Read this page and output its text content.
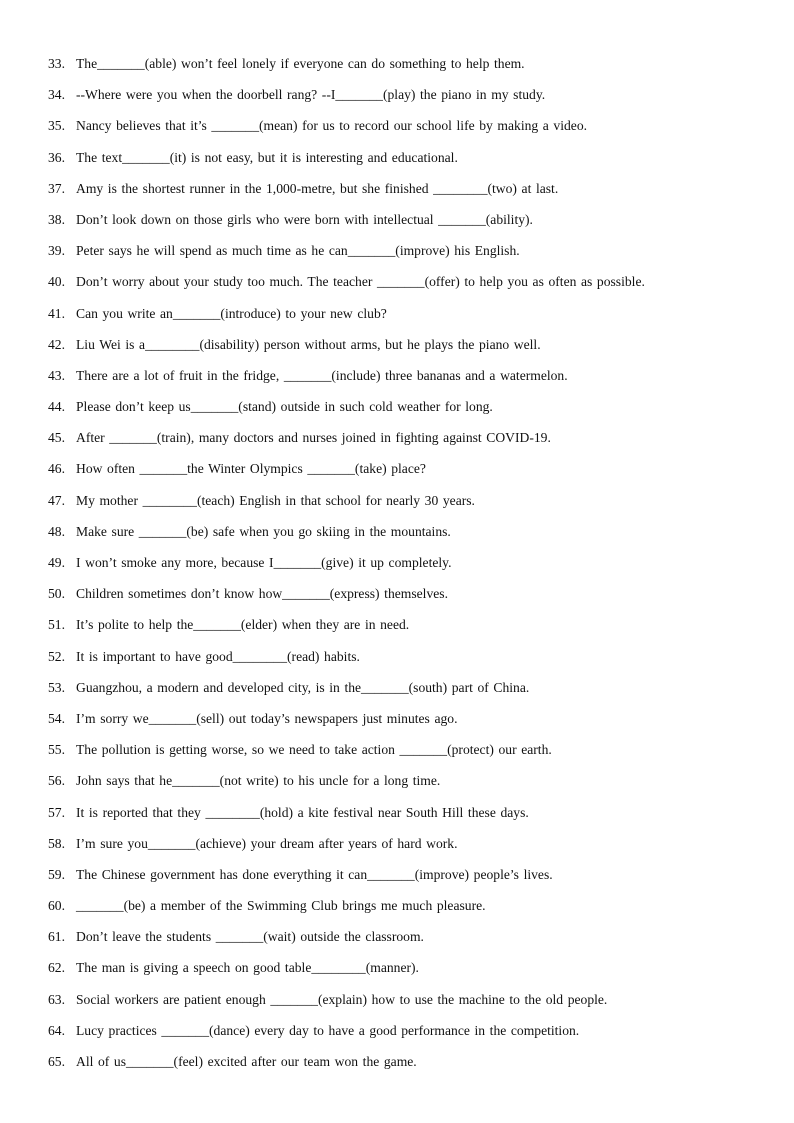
33. The_______(able) won’t feel lonely if everyone can do something to help them.
34. --Where were you when the doorbell rang? --I_______(play) the piano in my study.
35. Nancy believes that it’s _______(mean) for us to record our school life by making a video.
36. The text_______(it) is not easy, but it is interesting and educational.
37. Amy is the shortest runner in the 1,000-metre, but she finished ________(two) at last.
38. Don’t look down on those girls who were born with intellectual _______(ability).
39. Peter says he will spend as much time as he can_______(improve) his English.
40. Don’t worry about your study too much. The teacher _______(offer) to help you as often as possible.
41. Can you write an_______(introduce) to your new club?
42. Liu Wei is a________(disability) person without arms, but he plays the piano well.
43. There are a lot of fruit in the fridge, _______(include) three bananas and a watermelon.
44. Please don’t keep us_______(stand) outside in such cold weather for long.
45. After _______(train), many doctors and nurses joined in fighting against COVID-19.
46. How often _______the Winter Olympics _______(take) place?
47. My mother ________(teach) English in that school for nearly 30 years.
48. Make sure _______(be) safe when you go skiing in the mountains.
49. I won’t smoke any more, because I_______(give) it up completely.
50. Children sometimes don’t know how_______(express) themselves.
51. It’s polite to help the_______(elder) when they are in need.
52. It is important to have good________(read) habits.
53. Guangzhou, a modern and developed city, is in the_______(south) part of China.
54. I’m sorry we_______(sell) out today’s newspapers just minutes ago.
55. The pollution is getting worse, so we need to take action _______(protect) our earth.
56. John says that he_______(not write) to his uncle for a long time.
57. It is reported that they ________(hold) a kite festival near South Hill these days.
58. I’m sure you_______(achieve) your dream after years of hard work.
59. The Chinese government has done everything it can_______(improve) people’s lives.
60. _______(be) a member of the Swimming Club brings me much pleasure.
61. Don’t leave the students _______(wait) outside the classroom.
62. The man is giving a speech on good table________(manner).
63. Social workers are patient enough _______(explain) how to use the machine to the old people.
64. Lucy practices _______(dance) every day to have a good performance in the competition.
65. All of us_______(feel) excited after our team won the game.
